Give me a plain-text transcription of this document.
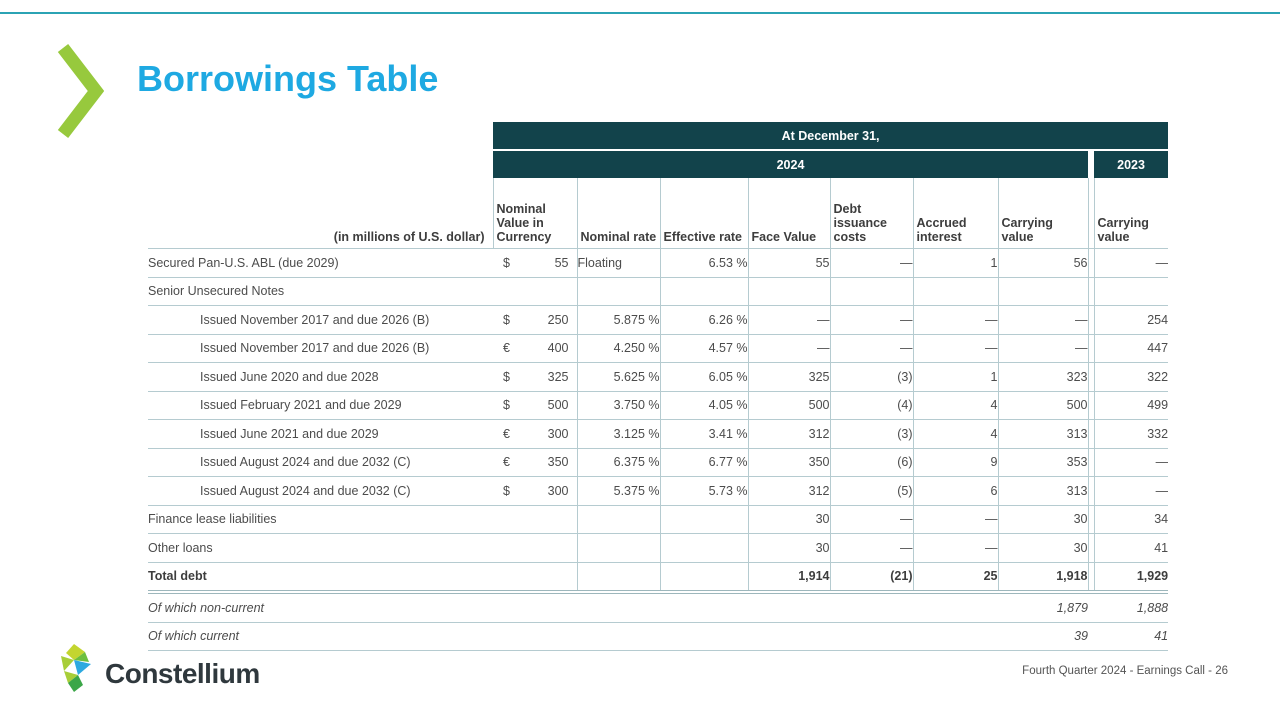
Borrowings Table
	At December 31,								
	2024								2023
(in millions of U.S. dollar)	Nominal Value in Currency	Nominal rate	Effective rate	Face Value	Debt issuance costs	Accrued interest	Carrying value		Carrying value
Secured Pan-U.S. ABL (due 2029)	$ 55	Floating	6.53 %	55	—	1	56		—
Senior Unsecured Notes									
Issued November 2017 and due 2026 (B)	$ 250	5.875 %	6.26 %	—	—	—	—		254
Issued November 2017 and due 2026 (B)	€ 400	4.250 %	4.57 %	—	—	—	—		447
Issued June 2020 and due 2028	$ 325	5.625 %	6.05 %	325	(3)	1	323		322
Issued February 2021 and due 2029	$ 500	3.750 %	4.05 %	500	(4)	4	500		499
Issued June 2021 and due 2029	€ 300	3.125 %	3.41 %	312	(3)	4	313		332
Issued August 2024 and due 2032 (C)	€ 350	6.375 %	6.77 %	350	(6)	9	353		—
Issued August 2024 and due 2032 (C)	$ 300	5.375 %	5.73 %	312	(5)	6	313		—
Finance lease liabilities				30	—	—	30		34
Other loans				30	—	—	30		41
Total debt				1,914	(21)	25	1,918		1,929
Of which non-current							1,879		1,888
Of which current							39		41
Constellium	Fourth Quarter 2024 - Earnings Call - 26
